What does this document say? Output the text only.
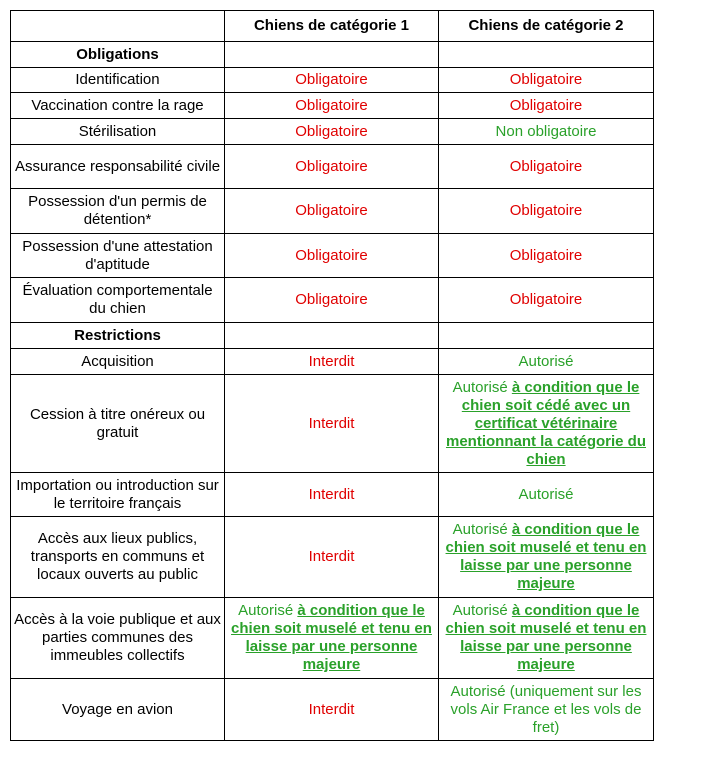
	Chiens de catégorie 1	Chiens de catégorie 2
Obligations		
Identification	Obligatoire	Obligatoire
Vaccination contre la rage	Obligatoire	Obligatoire
Stérilisation	Obligatoire	Non obligatoire
Assurance responsabilité civile	Obligatoire	Obligatoire
Possession d'un permis de détention*	Obligatoire	Obligatoire
Possession d'une attestation d'aptitude	Obligatoire	Obligatoire
Évaluation comportementale du chien	Obligatoire	Obligatoire
Restrictions		
Acquisition	Interdit	Autorisé
Cession à titre onéreux ou gratuit	Interdit	Autorisé à condition que le chien soit cédé avec un certificat vétérinaire mentionnant la catégorie du chien
Importation ou introduction sur le territoire français	Interdit	Autorisé
Accès aux lieux publics, transports en communs et locaux ouverts au public	Interdit	Autorisé à condition que le chien soit muselé et tenu en laisse par une personne majeure
Accès à la voie publique et aux parties communes des immeubles collectifs	Autorisé à condition que le chien soit muselé et tenu en laisse par une personne majeure	Autorisé à condition que le chien soit muselé et tenu en laisse par une personne majeure
Voyage en avion	Interdit	Autorisé (uniquement sur les vols Air France et les vols de fret)
